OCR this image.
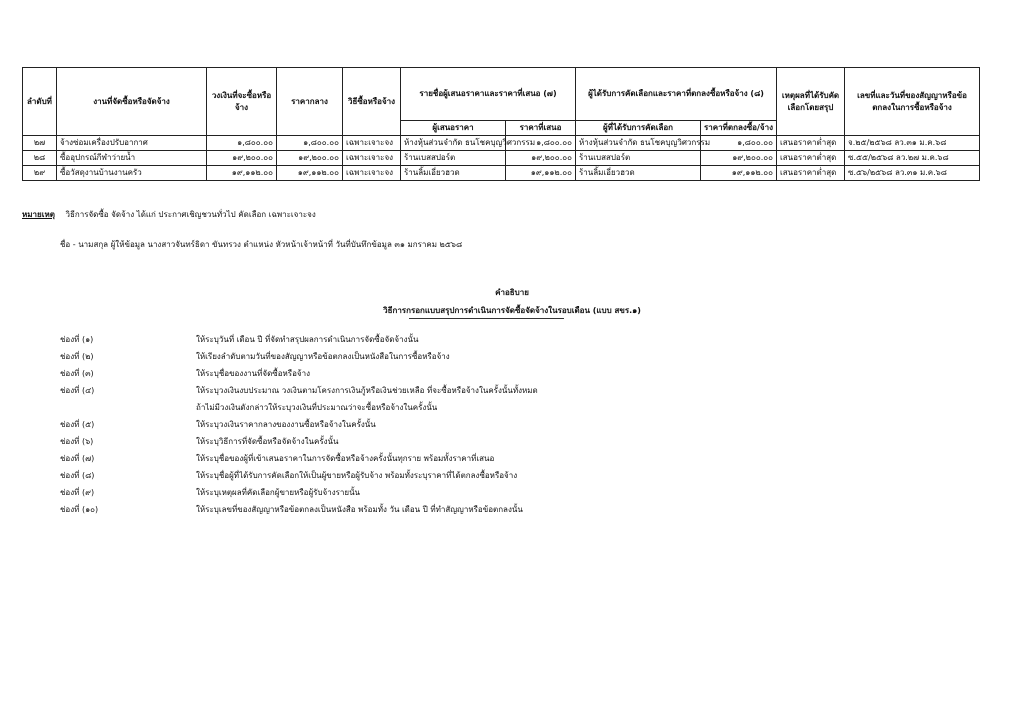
ลำดับที่	งานที่จัดซื้อหรือจัดจ้าง	วงเงินที่จะซื้อหรือจ้าง	ราคากลาง	วิธีซื้อหรือจ้าง	รายชื่อผู้เสนอราคาและราคาที่เสนอ (๗)		ผู้ได้รับการคัดเลือกและราคาที่ตกลงซื้อหรือจ้าง (๘)		เหตุผลที่ได้รับคัดเลือกโดยสรุป	เลขที่และวันที่ของสัญญาหรือข้อตกลงในการซื้อหรือจ้าง
					ผู้เสนอราคา	ราคาที่เสนอ	ผู้ที่ได้รับการคัดเลือก	ราคาที่ตกลงซื้อ/จ้าง		
๒๗	จ้างซ่อมเครื่องปรับอากาศ	๑,๘๐๐.๐๐	๑,๘๐๐.๐๐	เฉพาะเจาะจง	ห้างหุ้นส่วนจำกัด ธนโชคบุญวิศวกรรม	๑,๘๐๐.๐๐	ห้างหุ้นส่วนจำกัด ธนโชคบุญวิศวกรรม	๑,๘๐๐.๐๐	เสนอราคาต่ำสุด	จ.๒๕/๒๕๖๘ ลว.๓๑ ม.ค.๖๘
๒๘	ซื้ออุปกรณ์กีฬาว่ายน้ำ	๑๙,๒๐๐.๐๐	๑๙,๒๐๐.๐๐	เฉพาะเจาะจง	ร้านเบสสปอร์ต	๑๙,๒๐๐.๐๐	ร้านเบสสปอร์ต	๑๙,๒๐๐.๐๐	เสนอราคาต่ำสุด	ซ.๕๕/๒๕๖๘ ลว.๒๗ ม.ค.๖๘
๒๙	ซื้อวัสดุงานบ้านงานครัว	๑๙,๑๑๒.๐๐	๑๙,๑๑๒.๐๐	เฉพาะเจาะจง	ร้านลิ้มเอี่ยวฮวด	๑๙,๑๑๒.๐๐	ร้านลิ้มเอี่ยวฮวด	๑๙,๑๑๒.๐๐	เสนอราคาต่ำสุด	ซ.๕๖/๒๕๖๘ ลว.๓๑ ม.ค.๖๘
หมายเหตุ วิธีการจัดซื้อ จัดจ้าง ได้แก่ ประกาศเชิญชวนทั่วไป คัดเลือก เฉพาะเจาะจง
ชื่อ - นามสกุล ผู้ให้ข้อมูล นางสาวจันทร์ธิดา ขันทรวง ตำแหน่ง หัวหน้าเจ้าหน้าที่ วันที่บันทึกข้อมูล ๓๑ มกราคม ๒๕๖๘
คำอธิบาย
วิธีการกรอกแบบสรุปการดำเนินการจัดซื้อจัดจ้างในรอบเดือน (แบบ สขร.๑)
ช่องที่ (๑)	ให้ระบุวันที่ เดือน ปี ที่จัดทำสรุปผลการดำเนินการจัดซื้อจัดจ้างนั้น
ช่องที่ (๒)	ให้เรียงลำดับตามวันที่ของสัญญาหรือข้อตกลงเป็นหนังสือในการซื้อหรือจ้าง
ช่องที่ (๓)	ให้ระบุชื่อของงานที่จัดซื้อหรือจ้าง
ช่องที่ (๔)	ให้ระบุวงเงินงบประมาณ วงเงินตามโครงการเงินกู้หรือเงินช่วยเหลือ ที่จะซื้อหรือจ้างในครั้งนั้นทั้งหมด
ถ้าไม่มีวงเงินดังกล่าวให้ระบุวงเงินที่ประมาณว่าจะซื้อหรือจ้างในครั้งนั้น
ช่องที่ (๕)	ให้ระบุวงเงินราคากลางของงานซื้อหรือจ้างในครั้งนั้น
ช่องที่ (๖)	ให้ระบุวิธีการที่จัดซื้อหรือจัดจ้างในครั้งนั้น
ช่องที่ (๗)	ให้ระบุชื่อของผู้ที่เข้าเสนอราคาในการจัดซื้อหรือจ้างครั้งนั้นทุกราย พร้อมทั้งราคาที่เสนอ
ช่องที่ (๘)	ให้ระบุชื่อผู้ที่ได้รับการคัดเลือกให้เป็นผู้ขายหรือผู้รับจ้าง พร้อมทั้งระบุราคาที่ได้ตกลงซื้อหรือจ้าง
ช่องที่ (๙)	ให้ระบุเหตุผลที่คัดเลือกผู้ขายหรือผู้รับจ้างรายนั้น
ช่องที่ (๑๐)	ให้ระบุเลขที่ของสัญญาหรือข้อตกลงเป็นหนังสือ พร้อมทั้ง วัน เดือน ปี ที่ทำสัญญาหรือข้อตกลงนั้น
